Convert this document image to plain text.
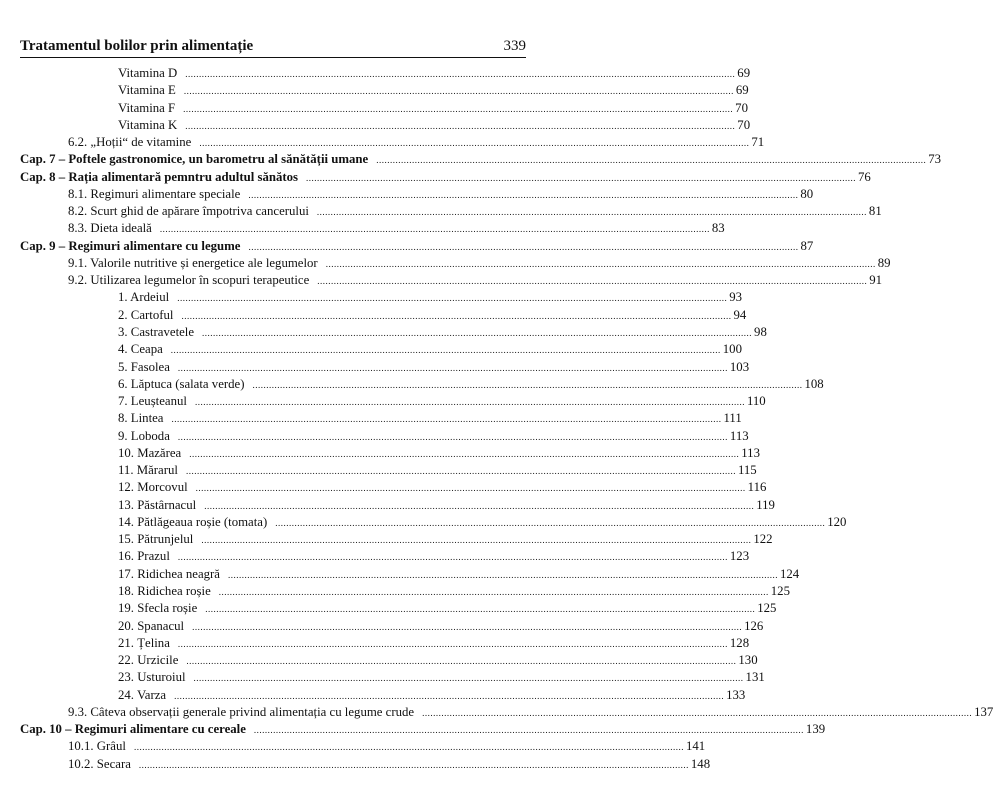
Tratamentul bolilor prin alimentație	339
Vitamina D ........................................................................................................................................................................................................ 69
Vitamina E ........................................................................................................................................................................................................ 69
Vitamina F ........................................................................................................................................................................................................ 70
Vitamina K ........................................................................................................................................................................................................ 70
6.2. „Hoții“ de vitamine ........................................................................................................................................................................................................ 71
Cap. 7 – Poftele gastronomice, un barometru al sănătății umane ........................................................................................................................................................................................................ 73
Cap. 8 – Rația alimentară pemntru adultul sănătos ........................................................................................................................................................................................................ 76
8.1. Regimuri alimentare speciale ........................................................................................................................................................................................................ 80
8.2. Scurt ghid de apărare împotriva cancerului ........................................................................................................................................................................................................ 81
8.3. Dieta ideală ........................................................................................................................................................................................................ 83
Cap. 9 – Regimuri alimentare cu legume ........................................................................................................................................................................................................ 87
9.1. Valorile nutritive și energetice ale legumelor ........................................................................................................................................................................................................ 89
9.2. Utilizarea legumelor în scopuri terapeutice ........................................................................................................................................................................................................ 91
1. Ardeiul ........................................................................................................................................................................................................ 93
2. Cartoful ........................................................................................................................................................................................................ 94
3. Castravetele ........................................................................................................................................................................................................ 98
4. Ceapa ........................................................................................................................................................................................................ 100
5. Fasolea ........................................................................................................................................................................................................ 103
6. Lăptuca (salata verde) ........................................................................................................................................................................................................ 108
7. Leușteanul ........................................................................................................................................................................................................ 110
8. Lintea ........................................................................................................................................................................................................ 111
9. Loboda ........................................................................................................................................................................................................ 113
10. Mazărea ........................................................................................................................................................................................................ 113
11. Mărarul ........................................................................................................................................................................................................ 115
12. Morcovul ........................................................................................................................................................................................................ 116
13. Păstârnacul ........................................................................................................................................................................................................ 119
14. Pătlăgeaua roșie (tomata) ........................................................................................................................................................................................................ 120
15. Pătrunjelul ........................................................................................................................................................................................................ 122
16. Prazul ........................................................................................................................................................................................................ 123
17. Ridichea neagră ........................................................................................................................................................................................................ 124
18. Ridichea roșie ........................................................................................................................................................................................................ 125
19. Sfecla roșie ........................................................................................................................................................................................................ 125
20. Spanacul ........................................................................................................................................................................................................ 126
21. Țelina ........................................................................................................................................................................................................ 128
22. Urzicile ........................................................................................................................................................................................................ 130
23. Usturoiul ........................................................................................................................................................................................................ 131
24. Varza ........................................................................................................................................................................................................ 133
9.3. Câteva observații generale privind alimentația cu legume crude ........................................................................................................................................................................................................ 137
Cap. 10 – Regimuri alimentare cu cereale ........................................................................................................................................................................................................ 139
10.1. Grâul ........................................................................................................................................................................................................ 141
10.2. Secara ........................................................................................................................................................................................................ 148
